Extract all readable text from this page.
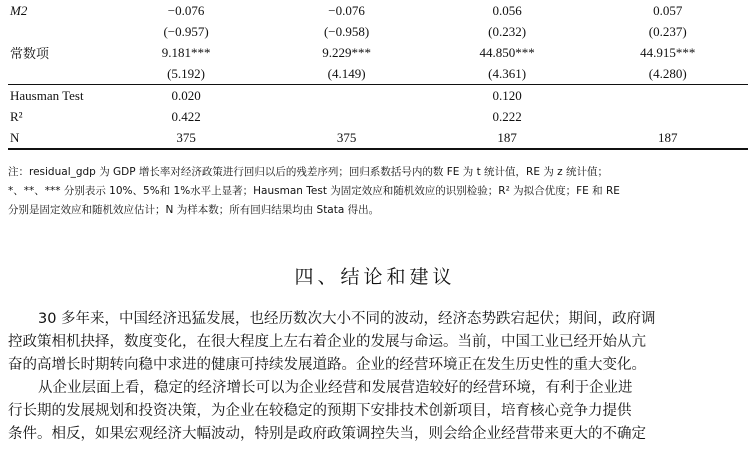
M2	−0.076	−0.076	0.056	0.057
	(−0.957)	(−0.958)	(0.232)	(0.237)
常数项	9.181***	9.229***	44.850***	44.915***
	(5.192)	(4.149)	(4.361)	(4.280)
Hausman Test	0.020		0.120	
R²	0.422		0.222	
N	375	375	187	187

注：residual_gdp 为 GDP 增长率对经济政策进行回归以后的残差序列；回归系数括号内的数 FE 为 t 统计值，RE 为 z 统计值；

*、**、*** 分别表示 10%、5%和 1%水平上显著；Hausman Test 为固定效应和随机效应的识别检验；R² 为拟合优度；FE 和 RE

分别是固定效应和随机效应估计；N 为样本数；所有回归结果均由 Stata 得出。

四、结论和建议

30 多年来，中国经济迅猛发展，也经历数次大小不同的波动，经济态势跌宕起伏；期间，政府调

控政策相机抉择，数度变化，在很大程度上左右着企业的发展与命运。当前，中国工业已经开始从亢

奋的高增长时期转向稳中求进的健康可持续发展道路。企业的经营环境正在发生历史性的重大变化。

从企业层面上看，稳定的经济增长可以为企业经营和发展营造较好的经营环境，有利于企业进

行长期的发展规划和投资决策，为企业在较稳定的预期下安排技术创新项目，培育核心竞争力提供

条件。相反，如果宏观经济大幅波动，特别是政府政策调控失当，则会给企业经营带来更大的不确定
